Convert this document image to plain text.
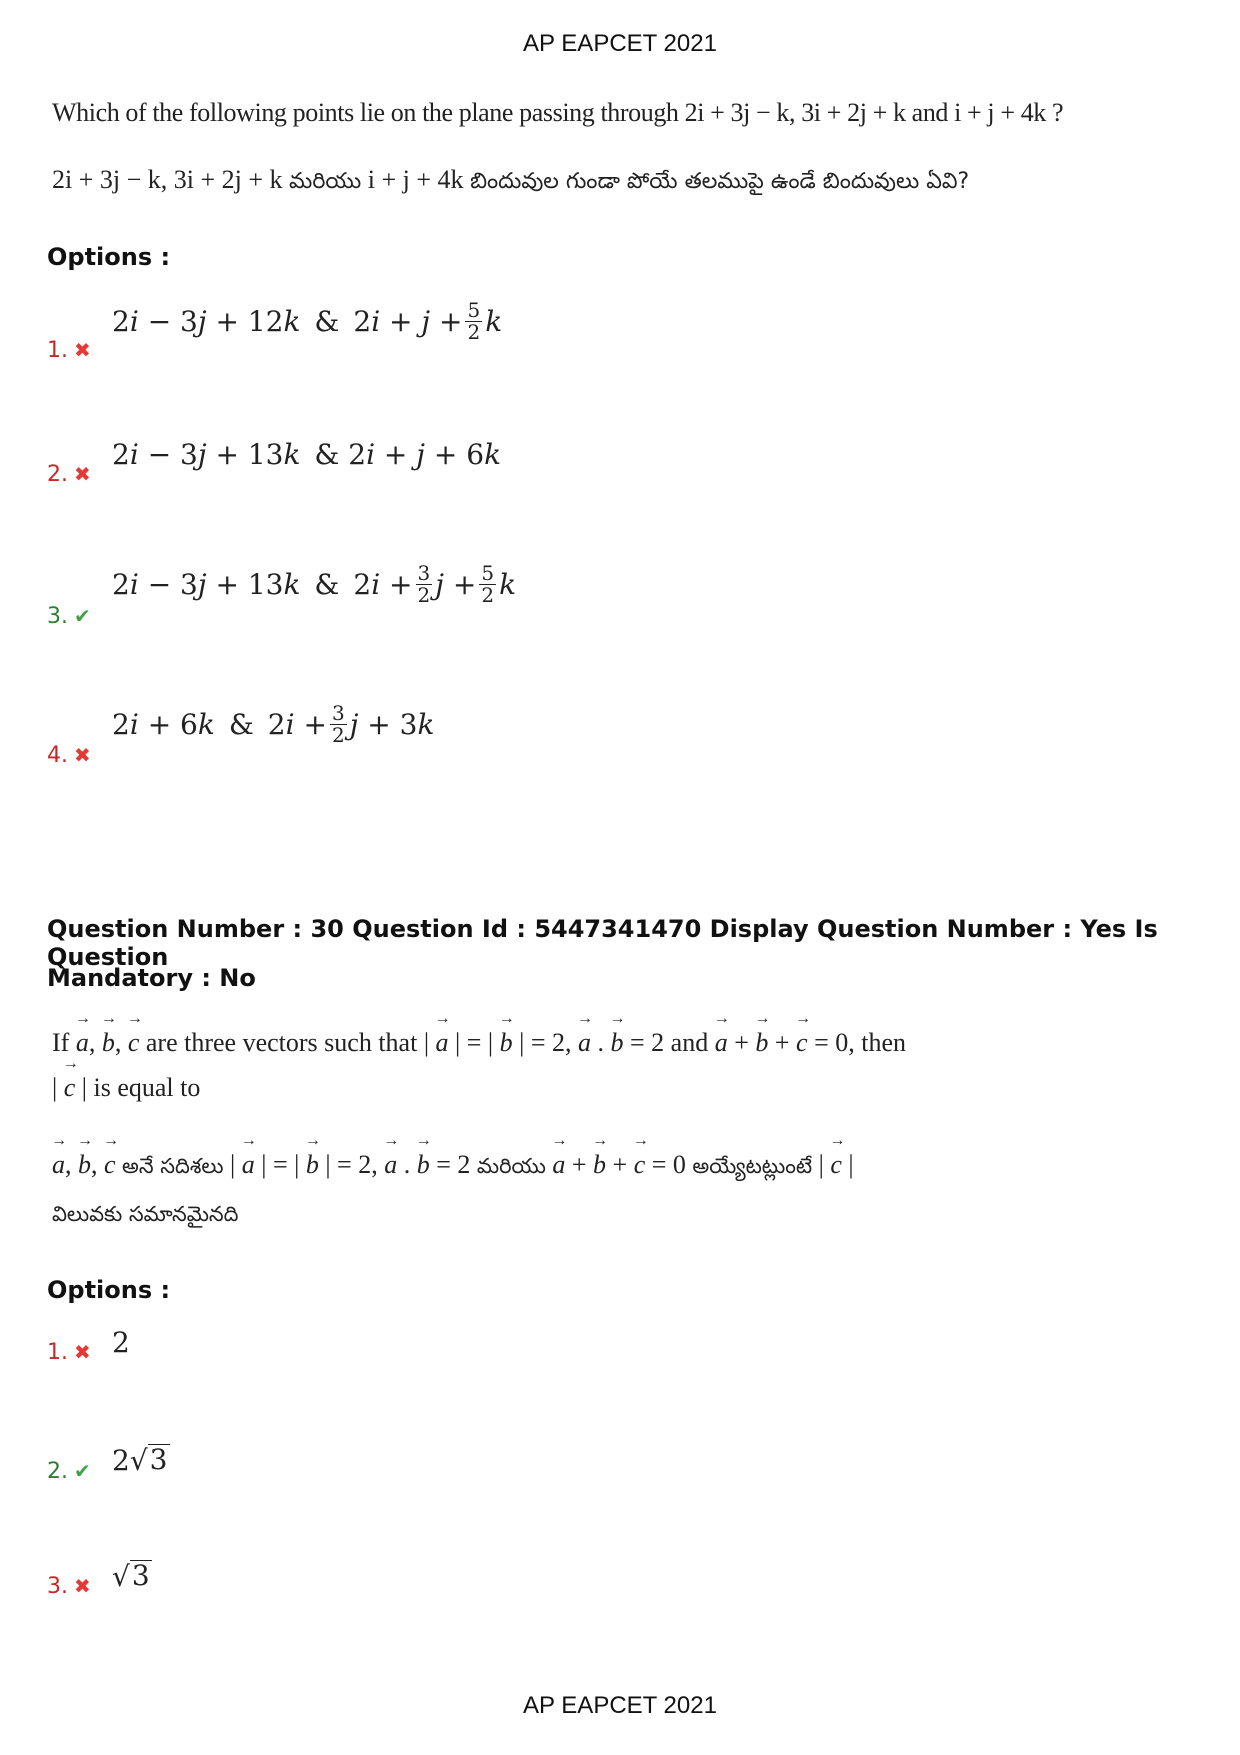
AP EAPCET 2021
Which of the following points lie on the plane passing through 2i + 3j − k, 3i + 2j + k and i + j + 4k ?
2i + 3j − k, 3i + 2j + k మరియు i + j + 4k బిందువుల గుండా పోయే తలముపై ఉండే బిందువులు ఏవి?
Options :
1. ✖
2 i − 3 j + 12 k & 2 $i + j + \frac{5}{2}$ k
2. ✖
2 i − 3 j + 13 k & 2 i + j + 6 k
3. ✔
2 i − 3 j + 13 k & 2 $i + \frac{3}{2}$ $j + \frac{5}{2}$ k
4. ✖
2 i + 6 k & 2 $i + \frac{3}{2}$ j + 3 k
Question Number : 30 Question Id : 5447341470 Display Question Number : Yes Is Question
Mandatory : No
If → a, → b, → c are three vectors such that | → a | = | → b | = 2, → a . → b = 2 and → a + → b + → c = 0, then
| → c | is equal to
→ a, → b, → c అనే సదిశలు | → a | = | → b | = 2, → a . → b = 2 మరియు → a + → b + → c = 0 అయ్యేటట్లుంటే | → c |
విలువకు సమానమైనది
Options :
1. ✖ 2
2. ✔ 2 √ 3
3. ✖ √ 3
AP EAPCET 2021
